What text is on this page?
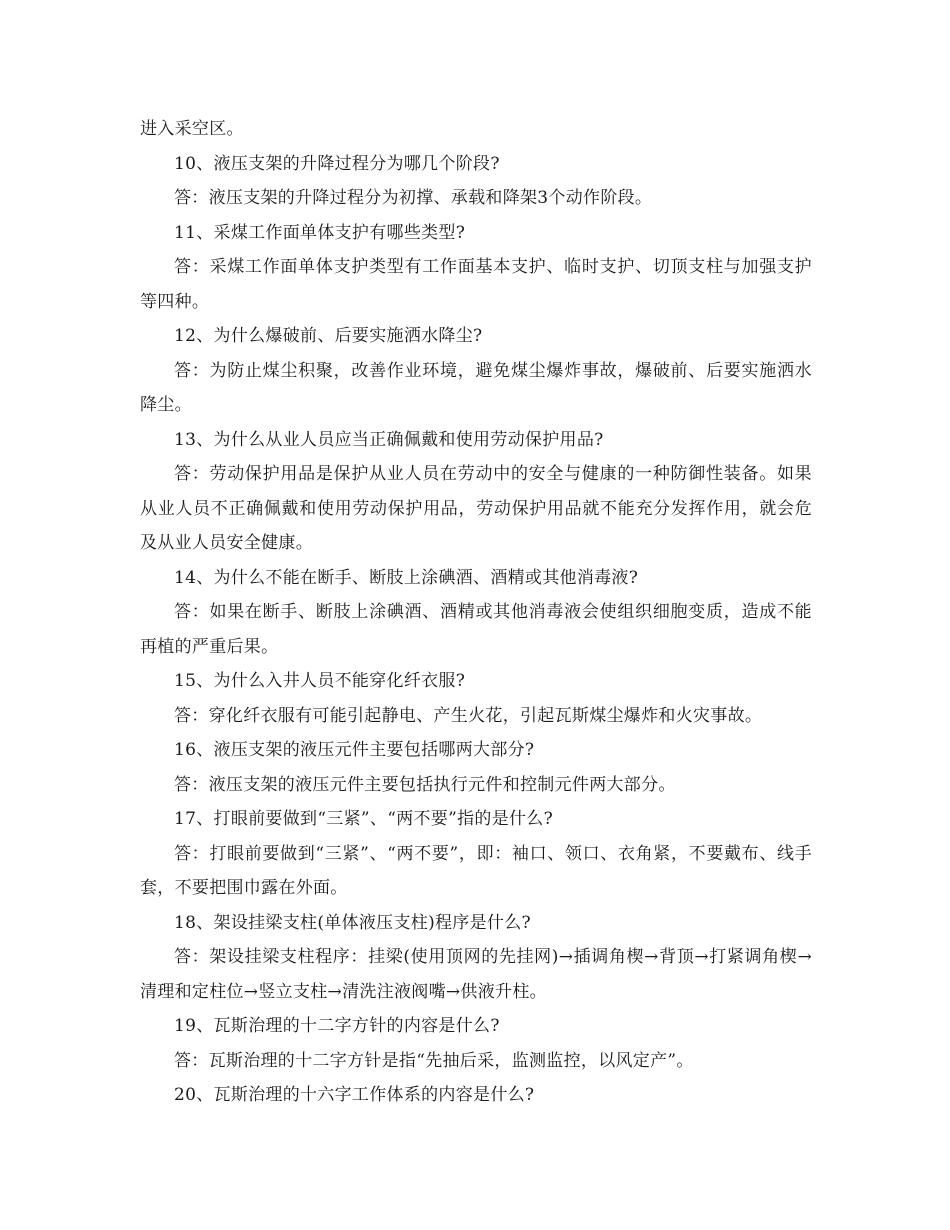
进入采空区。

10、液压支架的升降过程分为哪几个阶段?

答：液压支架的升降过程分为初撑、承载和降架3个动作阶段。

11、采煤工作面单体支护有哪些类型?

答：采煤工作面单体支护类型有工作面基本支护、临时支护、切顶支柱与加强支护等四种。

12、为什么爆破前、后要实施洒水降尘?

答：为防止煤尘积聚，改善作业环境，避免煤尘爆炸事故，爆破前、后要实施洒水降尘。

13、为什么从业人员应当正确佩戴和使用劳动保护用品?

答：劳动保护用品是保护从业人员在劳动中的安全与健康的一种防御性装备。如果从业人员不正确佩戴和使用劳动保护用品，劳动保护用品就不能充分发挥作用，就会危及从业人员安全健康。

14、为什么不能在断手、断肢上涂碘酒、酒精或其他消毒液?

答：如果在断手、断肢上涂碘酒、酒精或其他消毒液会使组织细胞变质，造成不能再植的严重后果。

15、为什么入井人员不能穿化纤衣服?

答：穿化纤衣服有可能引起静电、产生火花，引起瓦斯煤尘爆炸和火灾事故。

16、液压支架的液压元件主要包括哪两大部分?

答：液压支架的液压元件主要包括执行元件和控制元件两大部分。

17、打眼前要做到“三紧”、“两不要”指的是什么?

答：打眼前要做到“三紧”、“两不要”，即：袖口、领口、衣角紧，不要戴布、线手套，不要把围巾露在外面。

18、架设挂梁支柱(单体液压支柱)程序是什么?

答：架设挂梁支柱程序：挂梁(使用顶网的先挂网)→插调角楔→背顶→打紧调角楔→清理和定柱位→竖立支柱→清洗注液阀嘴→供液升柱。

19、瓦斯治理的十二字方针的内容是什么?

答：瓦斯治理的十二字方针是指“先抽后采，监测监控，以风定产”。

20、瓦斯治理的十六字工作体系的内容是什么?
